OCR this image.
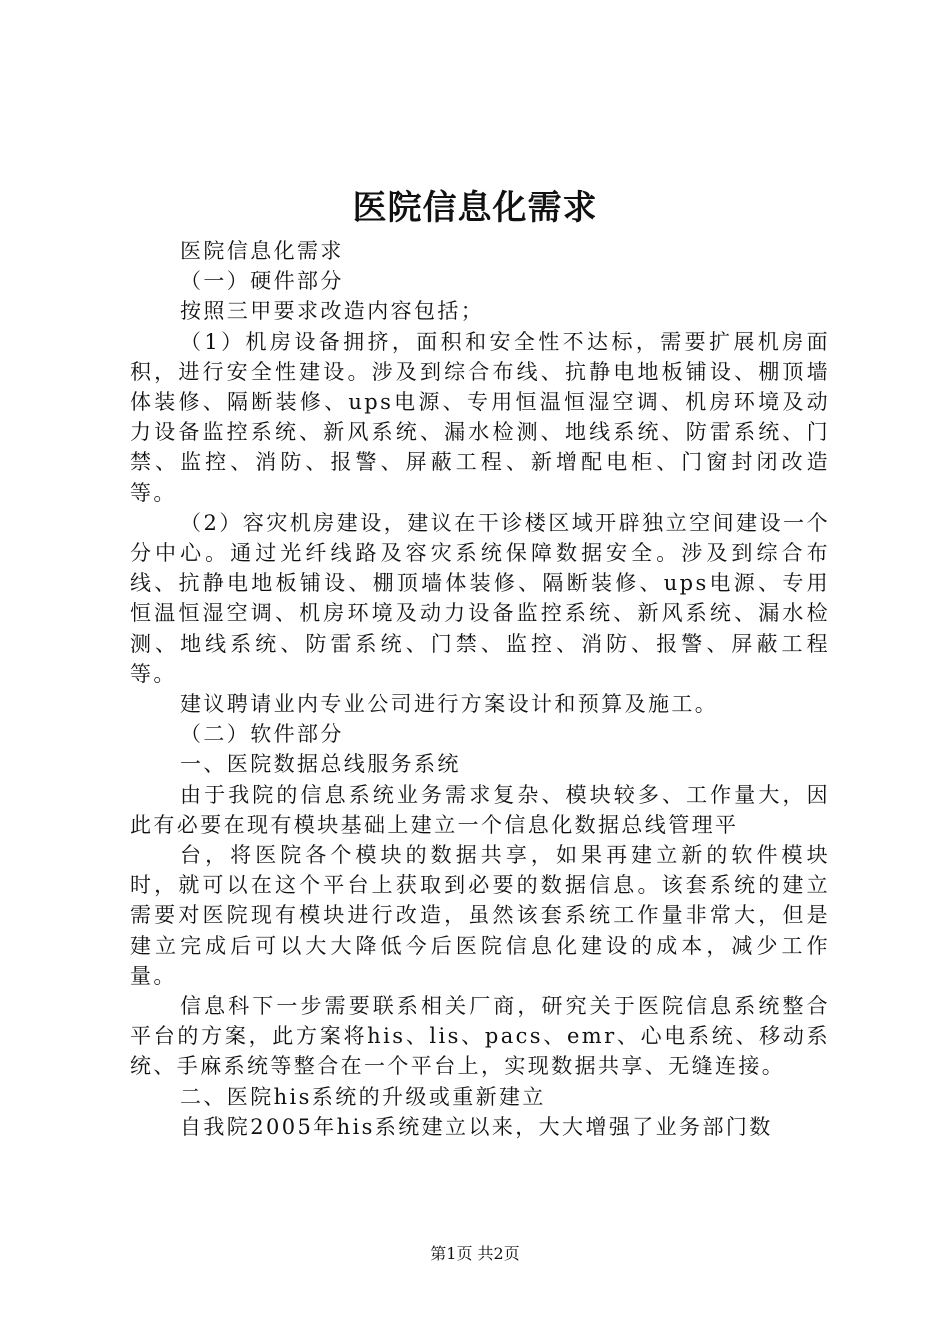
医院信息化需求

医院信息化需求

（一）硬件部分

按照三甲要求改造内容包括；

（1）机房设备拥挤，面积和安全性不达标，需要扩展机房面积，进行安全性建设。涉及到综合布线、抗静电地板铺设、棚顶墙体装修、隔断装修、ups电源、专用恒温恒湿空调、机房环境及动力设备监控系统、新风系统、漏水检测、地线系统、防雷系统、门禁、监控、消防、报警、屏蔽工程、新增配电柜、门窗封闭改造等。

（2）容灾机房建设，建议在干诊楼区域开辟独立空间建设一个分中心。通过光纤线路及容灾系统保障数据安全。涉及到综合布线、抗静电地板铺设、棚顶墙体装修、隔断装修、ups电源、专用恒温恒湿空调、机房环境及动力设备监控系统、新风系统、漏水检测、地线系统、防雷系统、门禁、监控、消防、报警、屏蔽工程等。

建议聘请业内专业公司进行方案设计和预算及施工。

（二）软件部分

一、医院数据总线服务系统

由于我院的信息系统业务需求复杂、模块较多、工作量大，因此有必要在现有模块基础上建立一个信息化数据总线管理平

台，将医院各个模块的数据共享，如果再建立新的软件模块时，就可以在这个平台上获取到必要的数据信息。该套系统的建立需要对医院现有模块进行改造，虽然该套系统工作量非常大，但是建立完成后可以大大降低今后医院信息化建设的成本，减少工作量。

信息科下一步需要联系相关厂商，研究关于医院信息系统整合平台的方案，此方案将his、lis、pacs、emr、心电系统、移动系统、手麻系统等整合在一个平台上，实现数据共享、无缝连接。

二、医院his系统的升级或重新建立

自我院2005年his系统建立以来，大大增强了业务部门数

第1页 共2页
